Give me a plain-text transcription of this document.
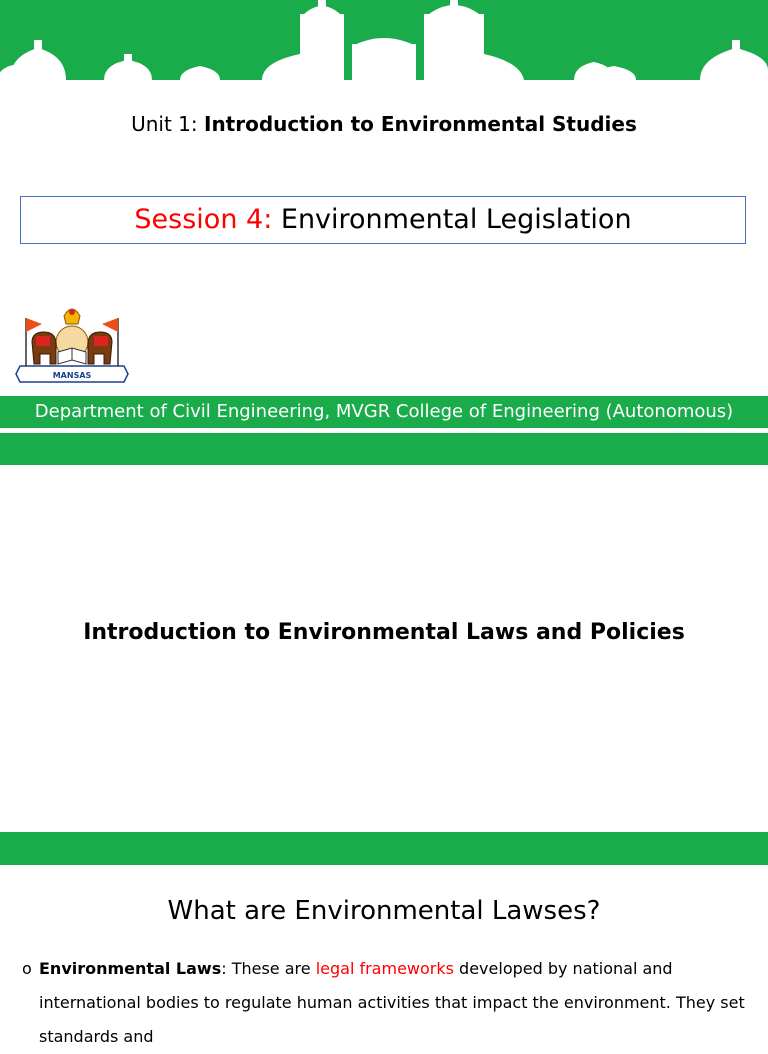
Unit 1: Introduction to Environmental Studies
Session 4: Environmental Legislation
MANSAS
Department of Civil Engineering, MVGR College of Engineering (Autonomous)
Introduction to Environmental Laws and Policies
What are Environmental Lawses?
o Environmental Laws: These are legal frameworks developed by national and international bodies to regulate human activities that impact the environment. They set standards and
